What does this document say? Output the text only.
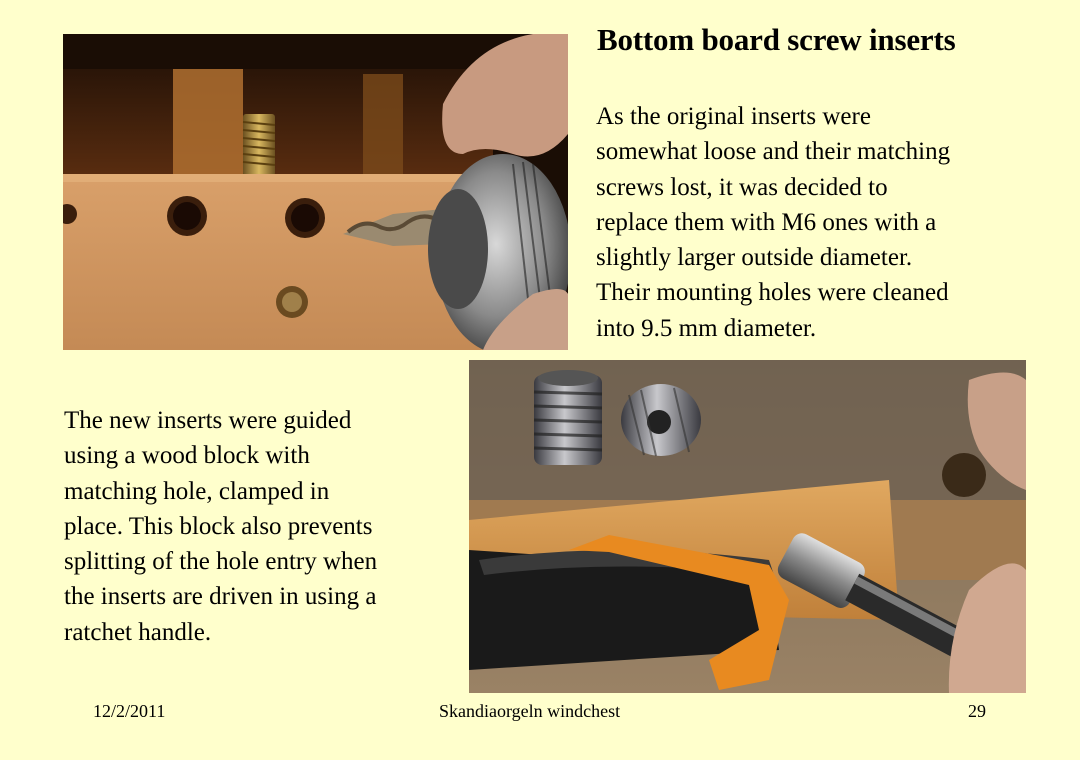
Bottom board screw inserts
As the original inserts were
somewhat loose and their matching
screws lost, it was decided to
replace them with M6 ones with a
slightly larger outside diameter.
Their mounting holes were cleaned
into 9.5 mm diameter.
The new inserts were guided
using a wood block with
matching hole, clamped in
place. This block also prevents
splitting of the hole entry when
the inserts are driven in using a
ratchet handle.
12/2/2011	Skandiaorgeln windchest	29
